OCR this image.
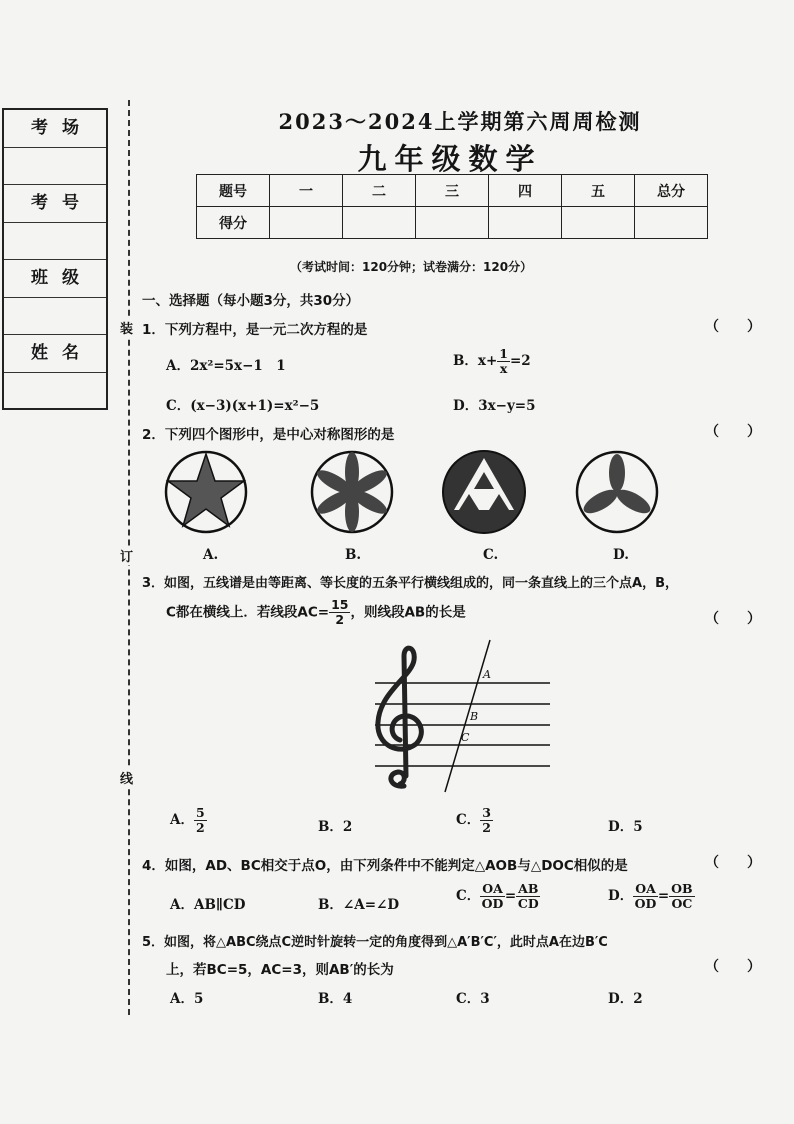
考场
考号
班级
姓名
装
订
线
2023～2024上学期第六周周检测
九年级数学
题号	一	二	三	四	五	总分
得分						
（考试时间：120分钟；试卷满分：120分）
一、选择题（每小题3分，共30分）
1．下列方程中，是一元二次方程的是	（　　）
A．2x²=5x−1　1	B．$x+ \frac{1}{x} =2$
C．(x−3)(x+1)=x²−5	D．3x−y=5
2．下列四个图形中，是中心对称图形的是	（　　）
A.	B.	C.	D.
3．如图，五线谱是由等距离、等长度的五条平行横线组成的，同一条直线上的三个点A，B，
C都在横线上．若线段$AC= \frac{15}{2}$ ，则线段AB的长是	（　　）
A
B
C
A． $\frac{5}{2}$	B．2	C． $\frac{3}{2}$	D．5
4．如图，AD、BC相交于点O，由下列条件中不能判定△AOB与△DOC相似的是	（　　）
A．AB∥CD	B．∠A=∠D
C． $\frac{OA}{OD} = \frac{AB}{CD}$	D． $\frac{OA}{OD} = \frac{OB}{OC}$
5．如图，将△ABC绕点C逆时针旋转一定的角度得到△A′B′C′，此时点A在边B′C
上，若BC=5，AC=3，则AB′的长为	（　　）
A．5	B．4	C．3	D．2
